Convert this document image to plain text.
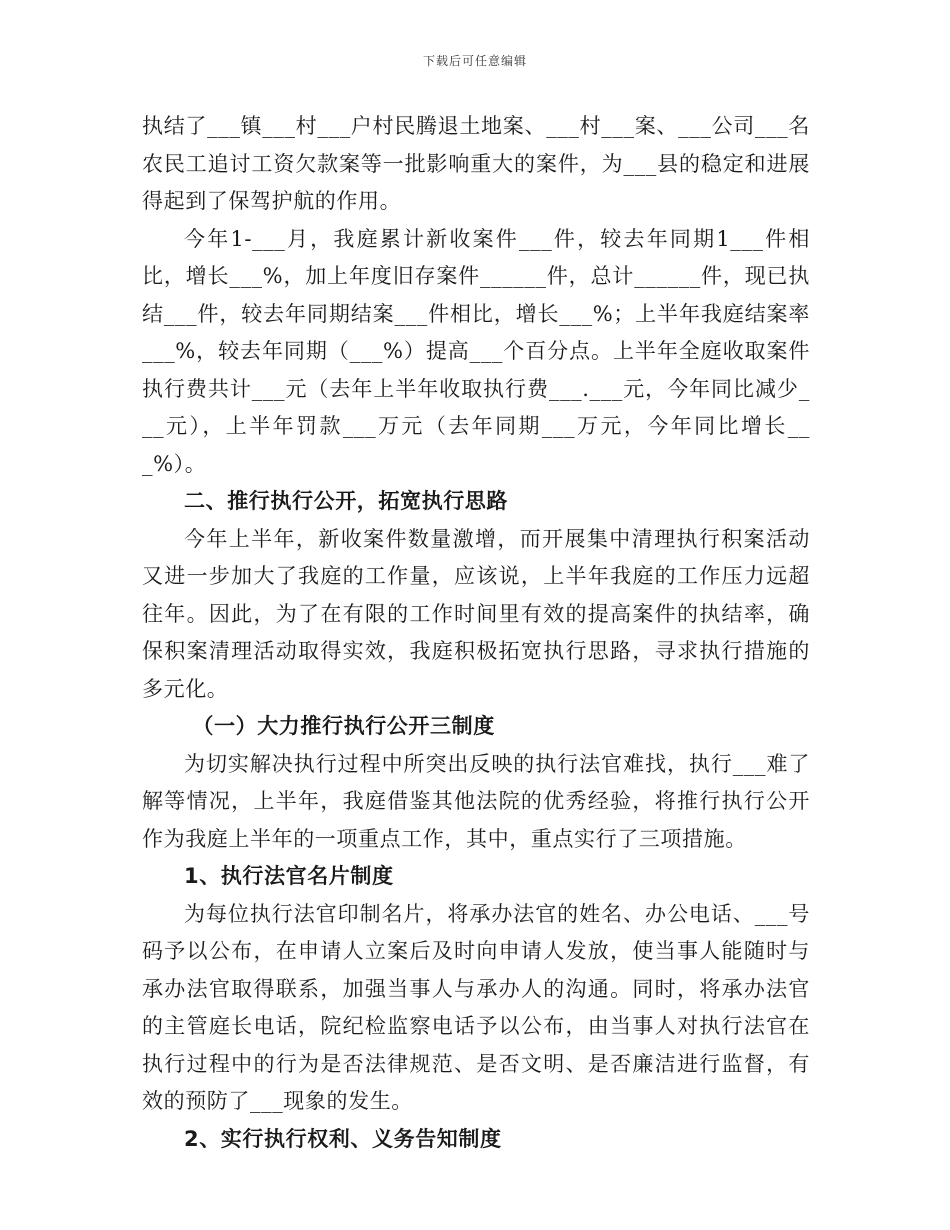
下载后可任意编辑

执结了___镇___村___户村民腾退土地案、___村___案、___公司___名农民工追讨工资欠款案等一批影响重大的案件，为___县的稳定和进展得起到了保驾护航的作用。

今年1-___月，我庭累计新收案件___件，较去年同期1___件相比，增长___%，加上年度旧存案件______件，总计______件，现已执结___件，较去年同期结案___件相比，增长___%；上半年我庭结案率___%，较去年同期（___%）提高___个百分点。上半年全庭收取案件执行费共计___元（去年上半年收取执行费___.___元，今年同比减少___元），上半年罚款___万元（去年同期___万元，今年同比增长___%）。

二、推行执行公开，拓宽执行思路

今年上半年，新收案件数量激增，而开展集中清理执行积案活动又进一步加大了我庭的工作量，应该说，上半年我庭的工作压力远超往年。因此，为了在有限的工作时间里有效的提高案件的执结率，确保积案清理活动取得实效，我庭积极拓宽执行思路，寻求执行措施的多元化。

（一）大力推行执行公开三制度

为切实解决执行过程中所突出反映的执行法官难找，执行___难了解等情况，上半年，我庭借鉴其他法院的优秀经验，将推行执行公开作为我庭上半年的一项重点工作，其中，重点实行了三项措施。

1、执行法官名片制度

为每位执行法官印制名片，将承办法官的姓名、办公电话、___号码予以公布，在申请人立案后及时向申请人发放，使当事人能随时与承办法官取得联系，加强当事人与承办人的沟通。同时，将承办法官的主管庭长电话，院纪检监察电话予以公布，由当事人对执行法官在执行过程中的行为是否法律规范、是否文明、是否廉洁进行监督，有效的预防了___现象的发生。

2、实行执行权利、义务告知制度
